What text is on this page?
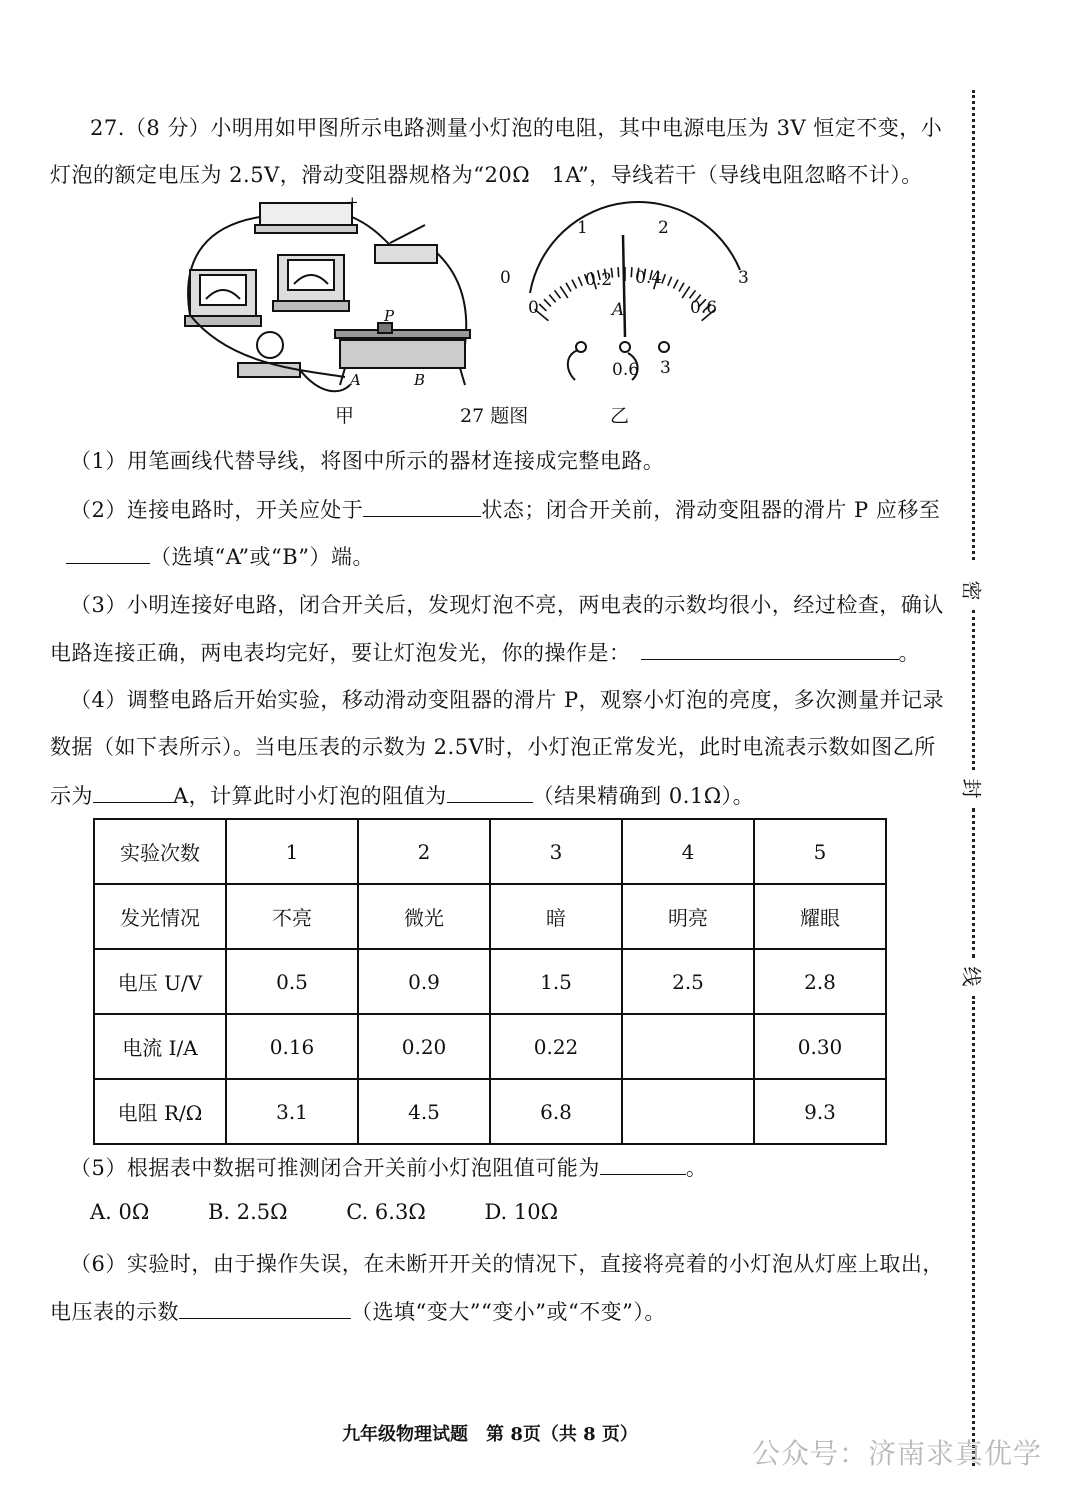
27.（8 分）小明用如甲图所示电路测量小灯泡的电阻，其中电源电压为 3V 恒定不变，小
灯泡的额定电压为 2.5V，滑动变阻器规格为“20Ω　1A”，导线若干（导线电阻忽略不计）。
-	+
P
A	B
1	2
0	3
0.2 0.4
0	0.6
A
0.6 3
甲	27 题图	乙
（1）用笔画线代替导线，将图中所示的器材连接成完整电路。
（2）连接电路时，开关应处于	状态；闭合开关前，滑动变阻器的滑片 P 应移至
（选填“A”或“B”）端。
（3）小明连接好电路，闭合开关后，发现灯泡不亮，两电表的示数均很小，经过检查，确认
电路连接正确，两电表均完好，要让灯泡发光，你的操作是：	。
（4）调整电路后开始实验，移动滑动变阻器的滑片 P，观察小灯泡的亮度，多次测量并记录
数据（如下表所示）。当电压表的示数为 2.5V时，小灯泡正常发光，此时电流表示数如图乙所
示为	A，计算此时小灯泡的阻值为	（结果精确到 0.1Ω）。
实验次数	1	2	3	4	5
发光情况	不亮	微光	暗	明亮	耀眼
电压 U/V	0.5	0.9	1.5	2.5	2.8
电流 I/A	0.16	0.20	0.22		0.30
电阻 R/Ω	3.1	4.5	6.8		9.3
（5）根据表中数据可推测闭合开关前小灯泡阻值可能为	。
A. 0Ω	B. 2.5Ω	C. 6.3Ω	D. 10Ω
（6）实验时，由于操作失误，在未断开开关的情况下，直接将亮着的小灯泡从灯座上取出，
电压表的示数	（选填“变大”“变小”或“不变”）。
密
封
线
九年级物理试题　第 8页（共 8 页）
公众号：济南求真优学
